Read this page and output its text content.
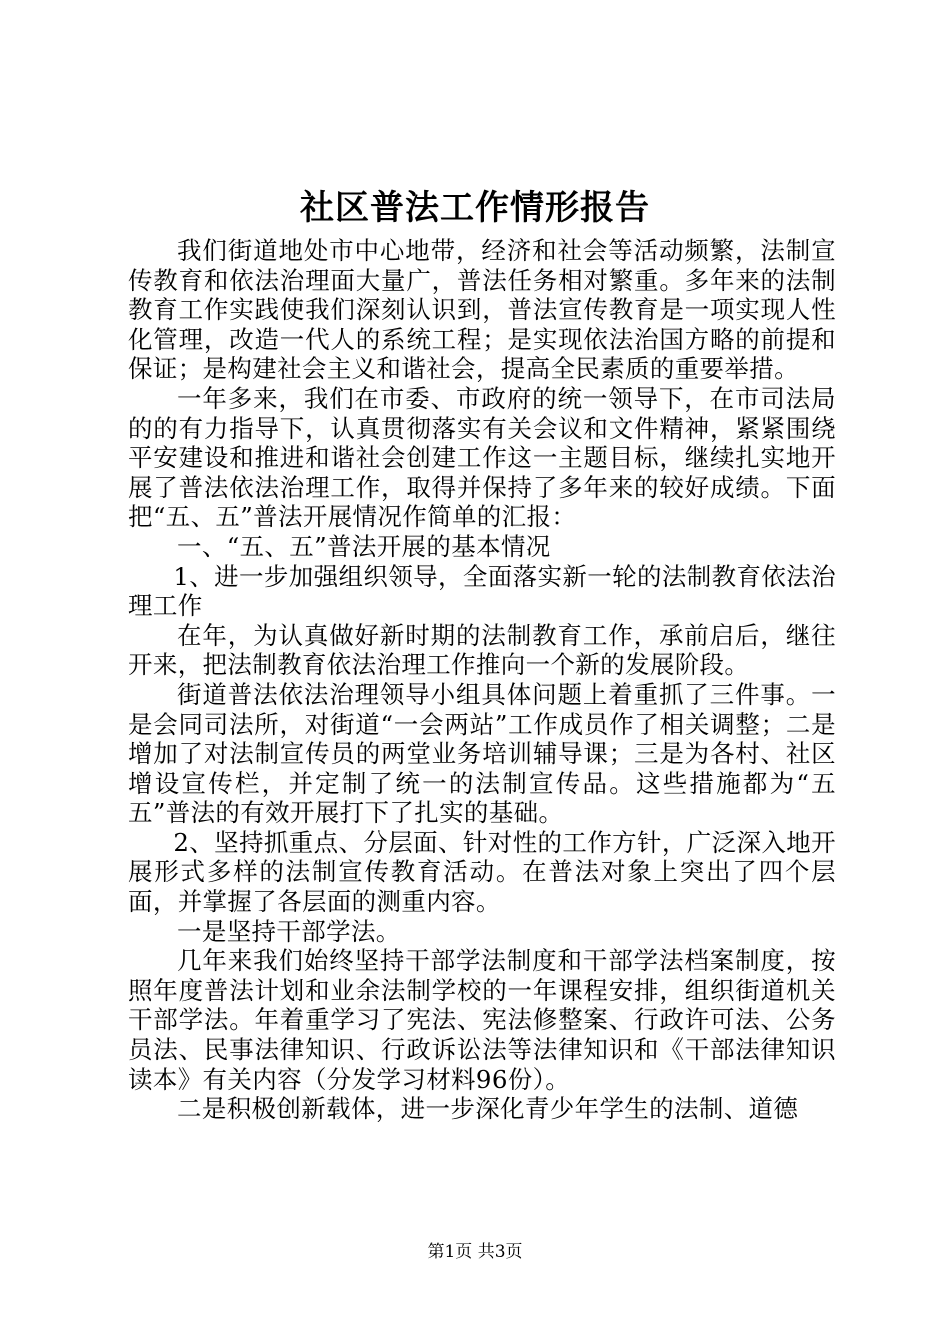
社区普法工作情形报告

我们街道地处市中心地带，经济和社会等活动频繁，法制宣传教育和依法治理面大量广，普法任务相对繁重。多年来的法制教育工作实践使我们深刻认识到，普法宣传教育是一项实现人性化管理，改造一代人的系统工程；是实现依法治国方略的前提和保证；是构建社会主义和谐社会，提高全民素质的重要举措。

一年多来，我们在市委、市政府的统一领导下，在市司法局的的有力指导下，认真贯彻落实有关会议和文件精神，紧紧围绕平安建设和推进和谐社会创建工作这一主题目标，继续扎实地开展了普法依法治理工作，取得并保持了多年来的较好成绩。下面把“五、五”普法开展情况作简单的汇报：

一、“五、五”普法开展的基本情况

1、进一步加强组织领导，全面落实新一轮的法制教育依法治理工作

在年，为认真做好新时期的法制教育工作，承前启后，继往开来，把法制教育依法治理工作推向一个新的发展阶段。

街道普法依法治理领导小组具体问题上着重抓了三件事。一是会同司法所，对街道“一会两站”工作成员作了相关调整；二是增加了对法制宣传员的两堂业务培训辅导课；三是为各村、社区增设宣传栏，并定制了统一的法制宣传品。这些措施都为“五五”普法的有效开展打下了扎实的基础。

2、坚持抓重点、分层面、针对性的工作方针，广泛深入地开展形式多样的法制宣传教育活动。在普法对象上突出了四个层面，并掌握了各层面的测重内容。

一是坚持干部学法。

几年来我们始终坚持干部学法制度和干部学法档案制度，按照年度普法计划和业余法制学校的一年课程安排，组织街道机关干部学法。年着重学习了宪法、宪法修整案、行政许可法、公务员法、民事法律知识、行政诉讼法等法律知识和《干部法律知识读本》有关内容（分发学习材料96份）。

二是积极创新载体，进一步深化青少年学生的法制、道德

第1页 共3页
